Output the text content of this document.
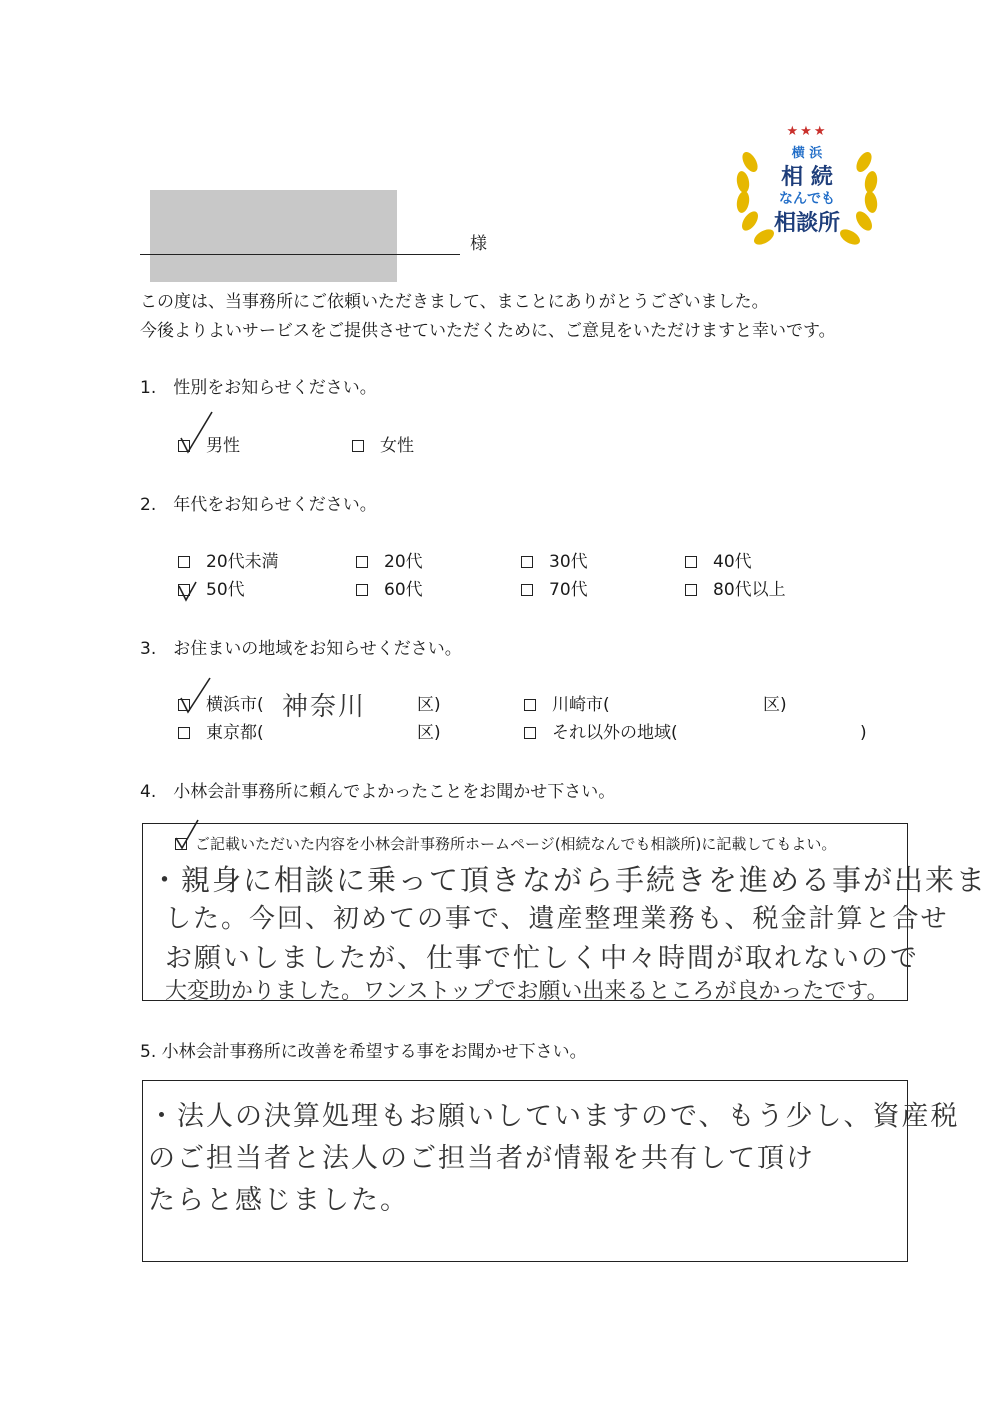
★★★
横 浜
相 続
なんでも
相談所
様
この度は、当事務所にご依頼いただきまして、まことにありがとうございました。
今後よりよいサービスをご提供させていただくために、ご意見をいただけますと幸いです。
1.　性別をお知らせください。
男性	女性
2.　年代をお知らせください。
20代未満	20代	30代	40代
50代	60代	70代	80代以上
3.　お住まいの地域をお知らせください。
横浜市( 神奈川	区)	川崎市(	区)
東京都(	区)	それ以外の地域(	)
4.　小林会計事務所に頼んでよかったことをお聞かせ下さい。
ご記載いただいた内容を小林会計事務所ホームページ(相続なんでも相談所)に記載してもよい。
・親身に相談に乗って頂きながら手続きを進める事が出来ま
した。今回、初めての事で、遺産整理業務も、税金計算と合せ
お願いしましたが、仕事で忙しく中々時間が取れないので
大変助かりました。ワンストップでお願い出来るところが良かったです。
5. 小林会計事務所に改善を希望する事をお聞かせ下さい。
・法人の決算処理もお願いしていますので、もう少し、資産税
のご担当者と法人のご担当者が情報を共有して頂け
たらと感じました。
